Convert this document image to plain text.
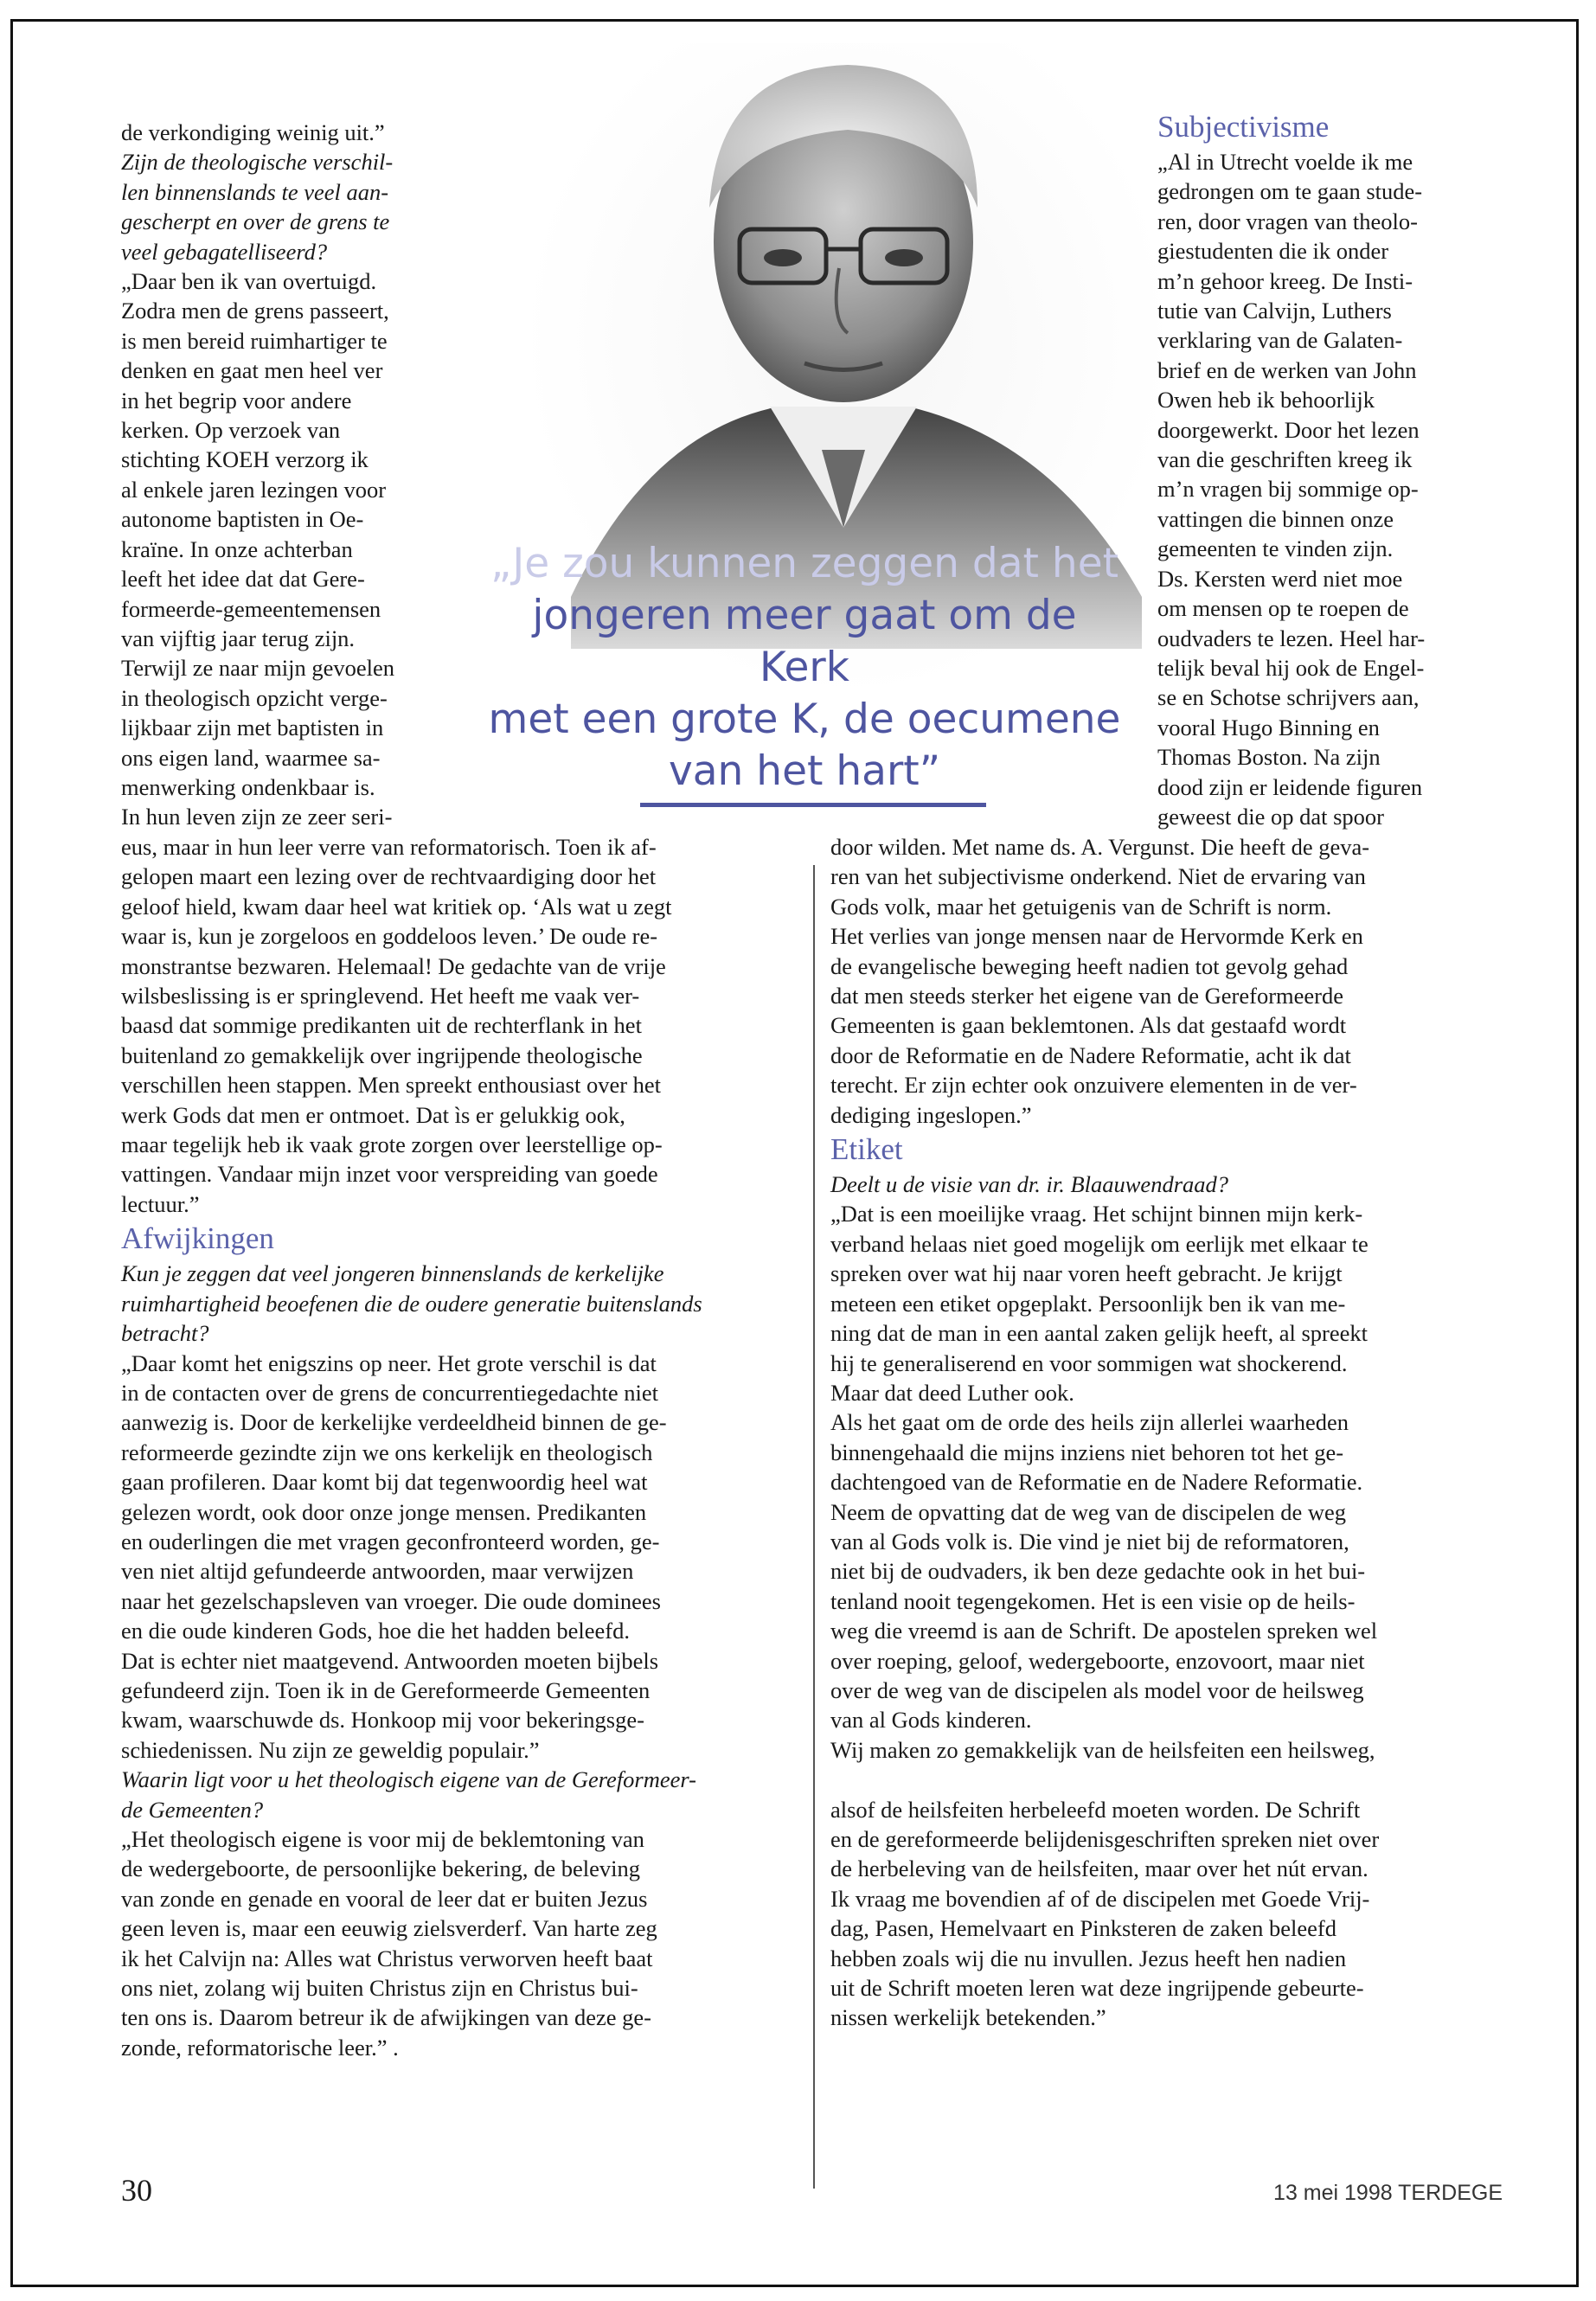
„Je zou kunnen zeggen dat het
jongeren meer gaat om de Kerk
met een grote K, de oecumene
van het hart”

de verkondiging weinig uit.”

Zijn de theologische verschil-

len binnenslands te veel aan-

gescherpt en over de grens te

veel gebagatelliseerd?

„Daar ben ik van overtuigd.

Zodra men de grens passeert,

is men bereid ruimhartiger te

denken en gaat men heel ver

in het begrip voor andere

kerken. Op verzoek van

stichting KOEH verzorg ik

al enkele jaren lezingen voor

autonome baptisten in Oe-

kraïne. In onze achterban

leeft het idee dat dat Gere-

formeerde-gemeentemensen

van vijftig jaar terug zijn.

Terwijl ze naar mijn gevoelen

in theologisch opzicht verge-

lijkbaar zijn met baptisten in

ons eigen land, waarmee sa-

menwerking ondenkbaar is.

In hun leven zijn ze zeer seri-

Subjectivisme

„Al in Utrecht voelde ik me

gedrongen om te gaan stude-

ren, door vragen van theolo-

giestudenten die ik onder

m’n gehoor kreeg. De Insti-

tutie van Calvijn, Luthers

verklaring van de Galaten-

brief en de werken van John

Owen heb ik behoorlijk

doorgewerkt. Door het lezen

van die geschriften kreeg ik

m’n vragen bij sommige op-

vattingen die binnen onze

gemeenten te vinden zijn.

Ds. Kersten werd niet moe

om mensen op te roepen de

oudvaders te lezen. Heel har-

telijk beval hij ook de Engel-

se en Schotse schrijvers aan,

vooral Hugo Binning en

Thomas Boston. Na zijn

dood zijn er leidende figuren

geweest die op dat spoor

eus, maar in hun leer verre van reformatorisch. Toen ik af-

gelopen maart een lezing over de rechtvaardiging door het

geloof hield, kwam daar heel wat kritiek op. ‘Als wat u zegt

waar is, kun je zorgeloos en goddeloos leven.’ De oude re-

monstrantse bezwaren. Helemaal! De gedachte van de vrije

wilsbeslissing is er springlevend. Het heeft me vaak ver-

baasd dat sommige predikanten uit de rechterflank in het

buitenland zo gemakkelijk over ingrijpende theologische

verschillen heen stappen. Men spreekt enthousiast over het

werk Gods dat men er ontmoet. Dat ìs er gelukkig ook,

maar tegelijk heb ik vaak grote zorgen over leerstellige op-

vattingen. Vandaar mijn inzet voor verspreiding van goede

lectuur.”

Afwijkingen

Kun je zeggen dat veel jongeren binnenslands de kerkelijke

ruimhartigheid beoefenen die de oudere generatie buitenslands

betracht?

„Daar komt het enigszins op neer. Het grote verschil is dat

in de contacten over de grens de concurrentiegedachte niet

aanwezig is. Door de kerkelijke verdeeldheid binnen de ge-

reformeerde gezindte zijn we ons kerkelijk en theologisch

gaan profileren. Daar komt bij dat tegenwoordig heel wat

gelezen wordt, ook door onze jonge mensen. Predikanten

en ouderlingen die met vragen geconfronteerd worden, ge-

ven niet altijd gefundeerde antwoorden, maar verwijzen

naar het gezelschapsleven van vroeger. Die oude dominees

en die oude kinderen Gods, hoe die het hadden beleefd.

Dat is echter niet maatgevend. Antwoorden moeten bijbels

gefundeerd zijn. Toen ik in de Gereformeerde Gemeenten

kwam, waarschuwde ds. Honkoop mij voor bekeringsge-

schiedenissen. Nu zijn ze geweldig populair.”

Waarin ligt voor u het theologisch eigene van de Gereformeer-

de Gemeenten?

„Het theologisch eigene is voor mij de beklemtoning van

de wedergeboorte, de persoonlijke bekering, de beleving

van zonde en genade en vooral de leer dat er buiten Jezus

geen leven is, maar een eeuwig zielsverderf. Van harte zeg

ik het Calvijn na: Alles wat Christus verworven heeft baat

ons niet, zolang wij buiten Christus zijn en Christus bui-

ten ons is. Daarom betreur ik de afwijkingen van deze ge-

zonde, reformatorische leer.” .

door wilden. Met name ds. A. Vergunst. Die heeft de geva-

ren van het subjectivisme onderkend. Niet de ervaring van

Gods volk, maar het getuigenis van de Schrift is norm.

Het verlies van jonge mensen naar de Hervormde Kerk en

de evangelische beweging heeft nadien tot gevolg gehad

dat men steeds sterker het eigene van de Gereformeerde

Gemeenten is gaan beklemtonen. Als dat gestaafd wordt

door de Reformatie en de Nadere Reformatie, acht ik dat

terecht. Er zijn echter ook onzuivere elementen in de ver-

dediging ingeslopen.”

Etiket

Deelt u de visie van dr. ir. Blaauwendraad?

„Dat is een moeilijke vraag. Het schijnt binnen mijn kerk-

verband helaas niet goed mogelijk om eerlijk met elkaar te

spreken over wat hij naar voren heeft gebracht. Je krijgt

meteen een etiket opgeplakt. Persoonlijk ben ik van me-

ning dat de man in een aantal zaken gelijk heeft, al spreekt

hij te generaliserend en voor sommigen wat shockerend.

Maar dat deed Luther ook.

Als het gaat om de orde des heils zijn allerlei waarheden

binnengehaald die mijns inziens niet behoren tot het ge-

dachtengoed van de Reformatie en de Nadere Reformatie.

Neem de opvatting dat de weg van de discipelen de weg

van al Gods volk is. Die vind je niet bij de reformatoren,

niet bij de oudvaders, ik ben deze gedachte ook in het bui-

tenland nooit tegengekomen. Het is een visie op de heils-

weg die vreemd is aan de Schrift. De apostelen spreken wel

over roeping, geloof, wedergeboorte, enzovoort, maar niet

over de weg van de discipelen als model voor de heilsweg

van al Gods kinderen.

Wij maken zo gemakkelijk van de heilsfeiten een heilsweg,

alsof de heilsfeiten herbeleefd moeten worden. De Schrift

en de gereformeerde belijdenisgeschriften spreken niet over

de herbeleving van de heilsfeiten, maar over het nút ervan.

Ik vraag me bovendien af of de discipelen met Goede Vrij-

dag, Pasen, Hemelvaart en Pinksteren de zaken beleefd

hebben zoals wij die nu invullen. Jezus heeft hen nadien

uit de Schrift moeten leren wat deze ingrijpende gebeurte-

nissen werkelijk betekenden.”

30	13 mei 1998 TERDEGE
